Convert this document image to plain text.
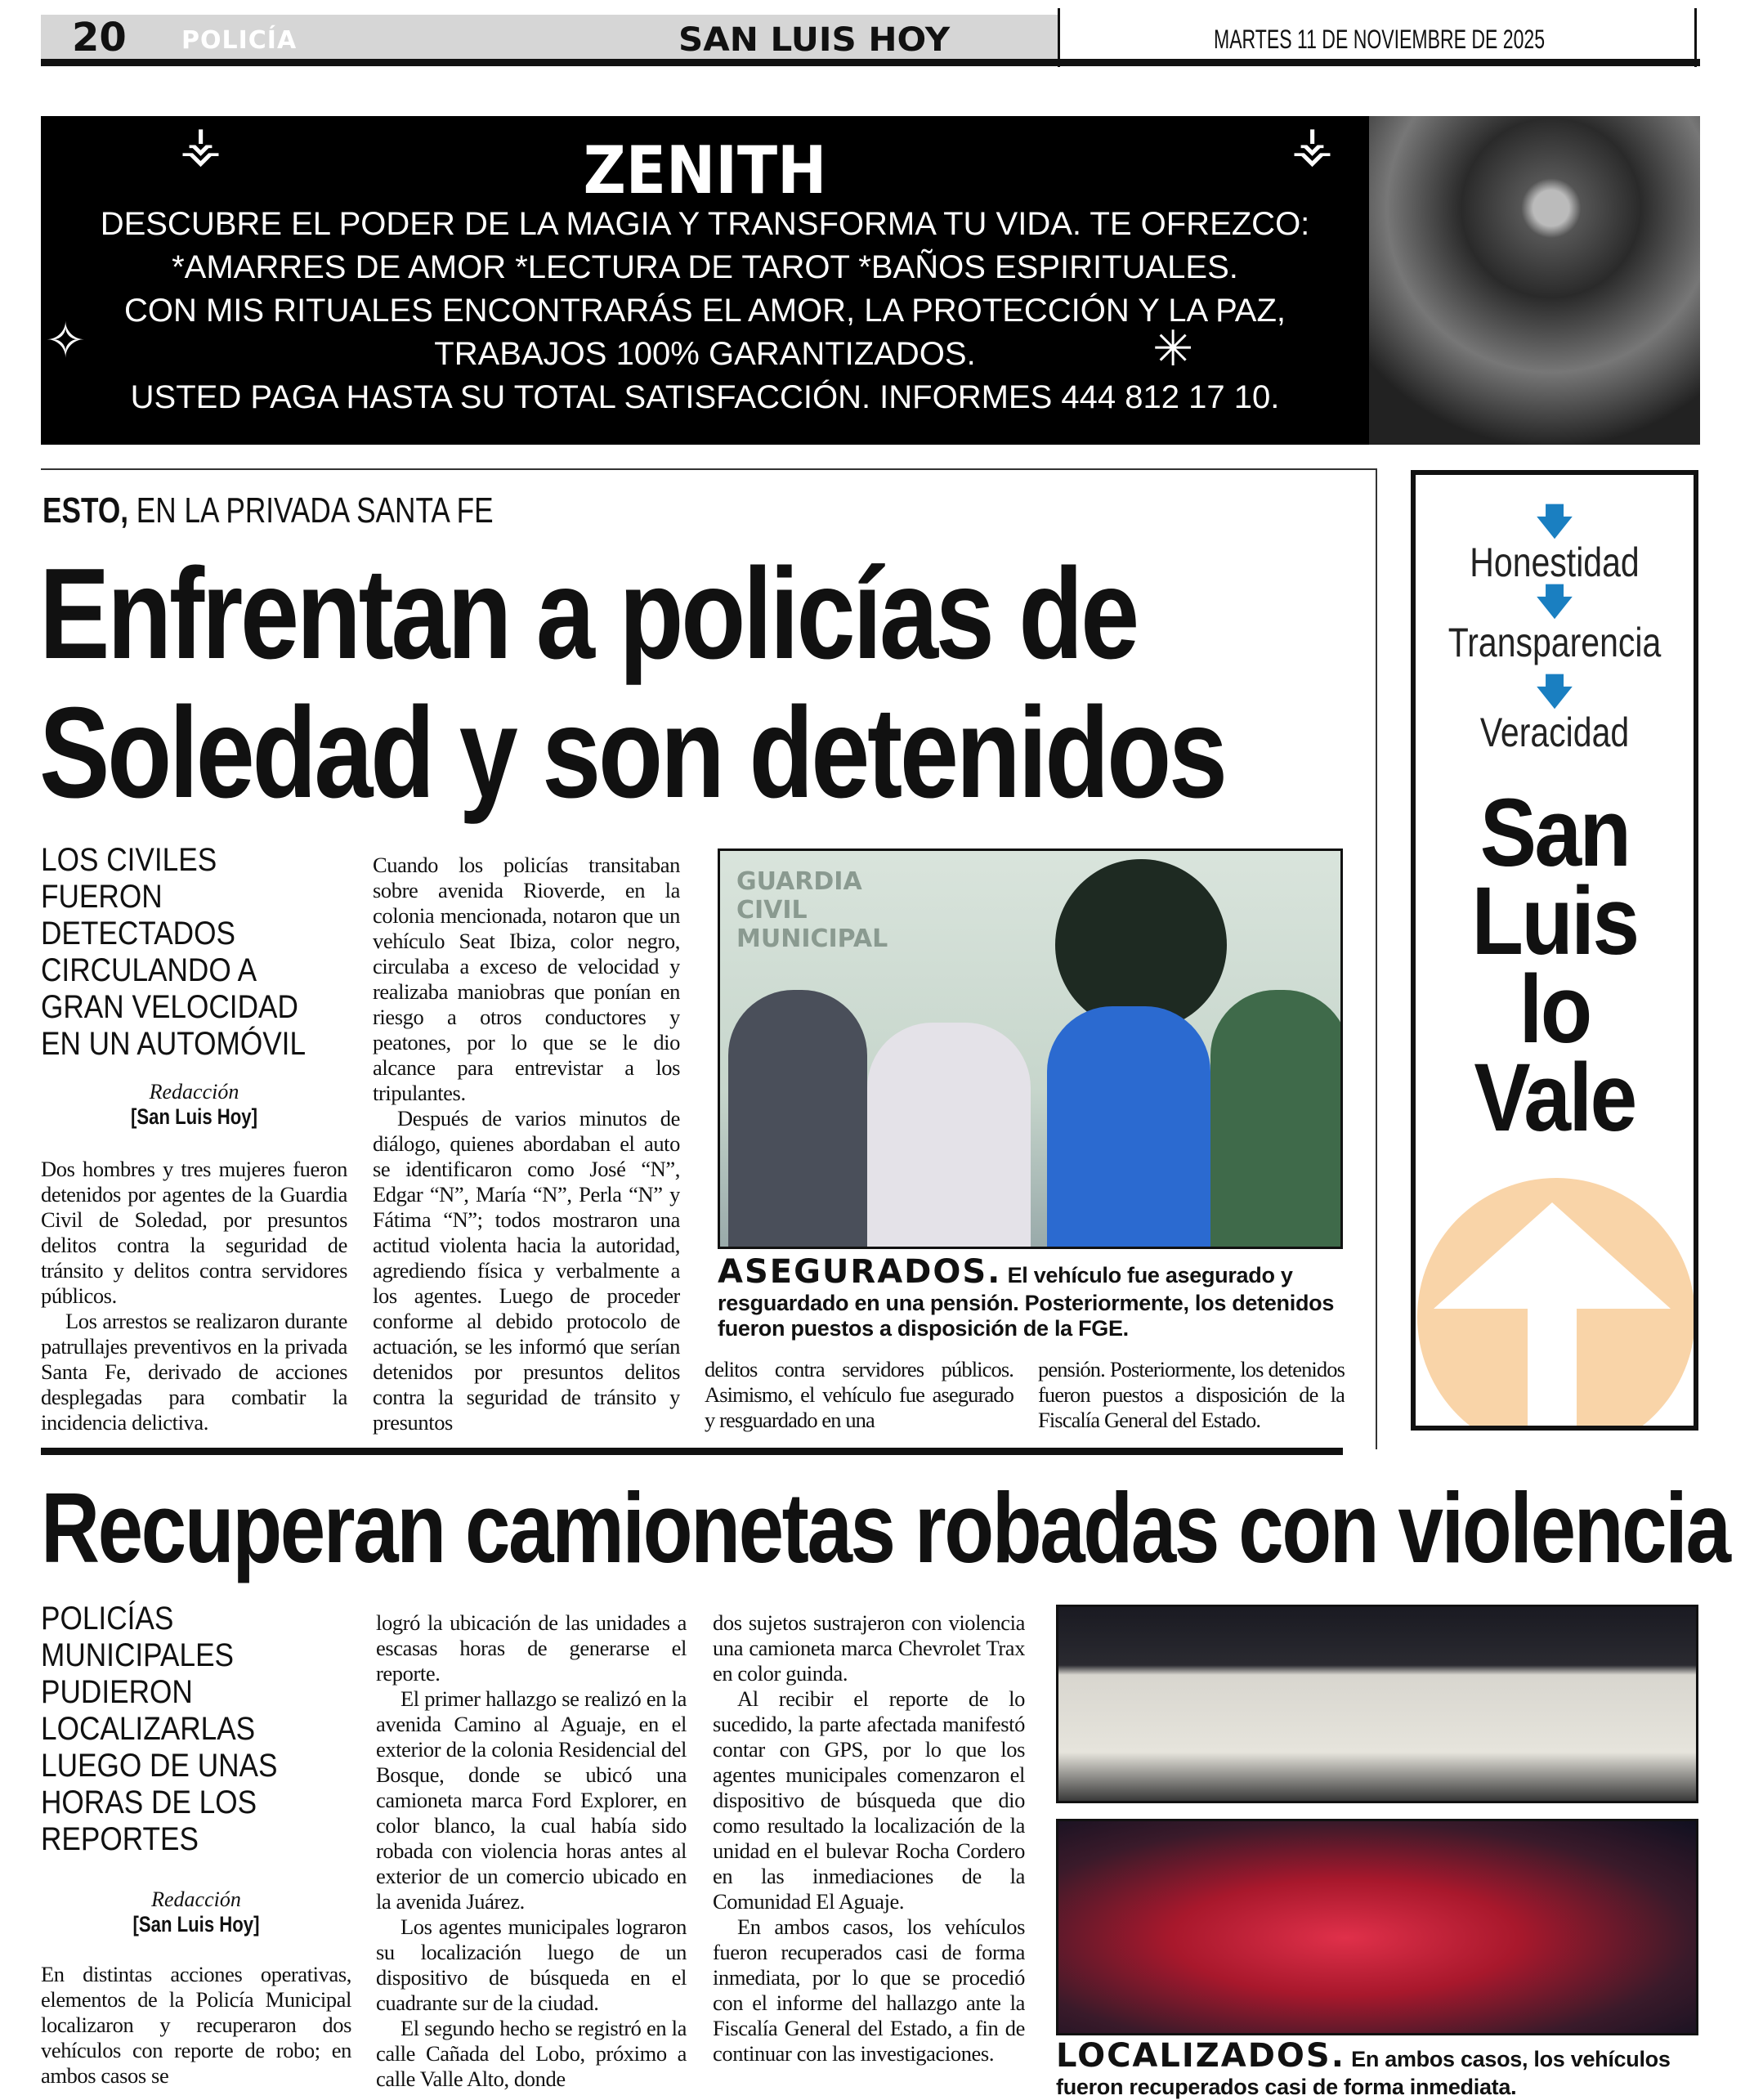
20 POLICÍA	SAN LUIS HOY	MARTES 11 DE NOVIEMBRE DE 2025
⚶	⚶
✧	✳
ZENITH
DESCUBRE EL PODER DE LA MAGIA Y TRANSFORMA TU VIDA. TE OFREZCO:
*AMARRES DE AMOR *LECTURA DE TAROT *BAÑOS ESPIRITUALES.
CON MIS RITUALES ENCONTRARÁS EL AMOR, LA PROTECCIÓN Y LA PAZ,
TRABAJOS 100% GARANTIZADOS.
USTED PAGA HASTA SU TOTAL SATISFACCIÓN. INFORMES 444 812 17 10.
ESTO, EN LA PRIVADA SANTA FE
Enfrentan a policías de
Soledad y son detenidos
LOS CIVILES
FUERON
DETECTADOS
CIRCULANDO A
GRAN VELOCIDAD
EN UN AUTOMÓVIL
Redacción
[San Luis Hoy]

Dos hombres y tres mujeres fueron detenidos por agentes de la Guardia Civil de Soledad, por presuntos delitos contra la seguridad de tránsito y delitos contra servidores públicos.

Los arrestos se realizaron durante patrullajes preventivos en la privada Santa Fe, derivado de acciones desplegadas para combatir la incidencia delictiva.

Cuando los policías transitaban sobre avenida Rioverde, en la colonia mencionada, notaron que un vehículo Seat Ibiza, color negro, circulaba a exceso de velocidad y realizaba maniobras que ponían en riesgo a otros conductores y peatones, por lo que se le dio alcance para entrevistar a los tripulantes.

Después de varios minutos de diálogo, quienes abordaban el auto se identificaron como José “N”, Edgar “N”, María “N”, Perla “N” y Fátima “N”; todos mostraron una actitud violenta hacia la autoridad, agrediendo física y verbalmente a los agentes. Luego de proceder conforme al debido protocolo de actuación, se les informó que serían detenidos por presuntos delitos contra la seguridad de tránsito y presuntos

GUARDIA CIVIL MUNICIPAL
ASEGURADOS. El vehículo fue asegurado y resguardado en una pensión. Posteriormente, los detenidos fueron puestos a disposición de la FGE.

delitos contra servidores públicos. Asimismo, el vehículo fue asegurado y resguardado en una

pensión. Posteriormente, los detenidos fueron puestos a disposición de la Fiscalía General del Estado.

🡇
Honestidad
🡇
Transparencia
🡇
Veracidad
San
Luis
lo
Vale
Recuperan camionetas robadas con violencia
POLICÍAS
MUNICIPALES
PUDIERON
LOCALIZARLAS
LUEGO DE UNAS
HORAS DE LOS
REPORTES
Redacción
[San Luis Hoy]

En distintas acciones operativas, elementos de la Policía Municipal localizaron y recuperaron dos vehículos con reporte de robo; en ambos casos se

logró la ubicación de las unidades a escasas horas de generarse el reporte.

El primer hallazgo se realizó en la avenida Camino al Aguaje, en el exterior de la colonia Residencial del Bosque, donde se ubicó una camioneta marca Ford Explorer, en color blanco, la cual había sido robada con violencia horas antes al exterior de un comercio ubicado en la avenida Juárez.

Los agentes municipales lograron su localización luego de un dispositivo de búsqueda en el cuadrante sur de la ciudad.

El segundo hecho se registró en la calle Cañada del Lobo, próximo a calle Valle Alto, donde

dos sujetos sustrajeron con violencia una camioneta marca Chevrolet Trax en color guinda.

Al recibir el reporte de lo sucedido, la parte afectada manifestó contar con GPS, por lo que los agentes municipales comenzaron el dispositivo de búsqueda que dio como resultado la localización de la unidad en el bulevar Rocha Cordero en las inmediaciones de la Comunidad El Aguaje.

En ambos casos, los vehículos fueron recuperados casi de forma inmediata, por lo que se procedió con el informe del hallazgo ante la Fiscalía General del Estado, a fin de continuar con las investigaciones.	LOCALIZADOS. En ambos casos, los vehículos fueron recuperados casi de forma inmediata.
